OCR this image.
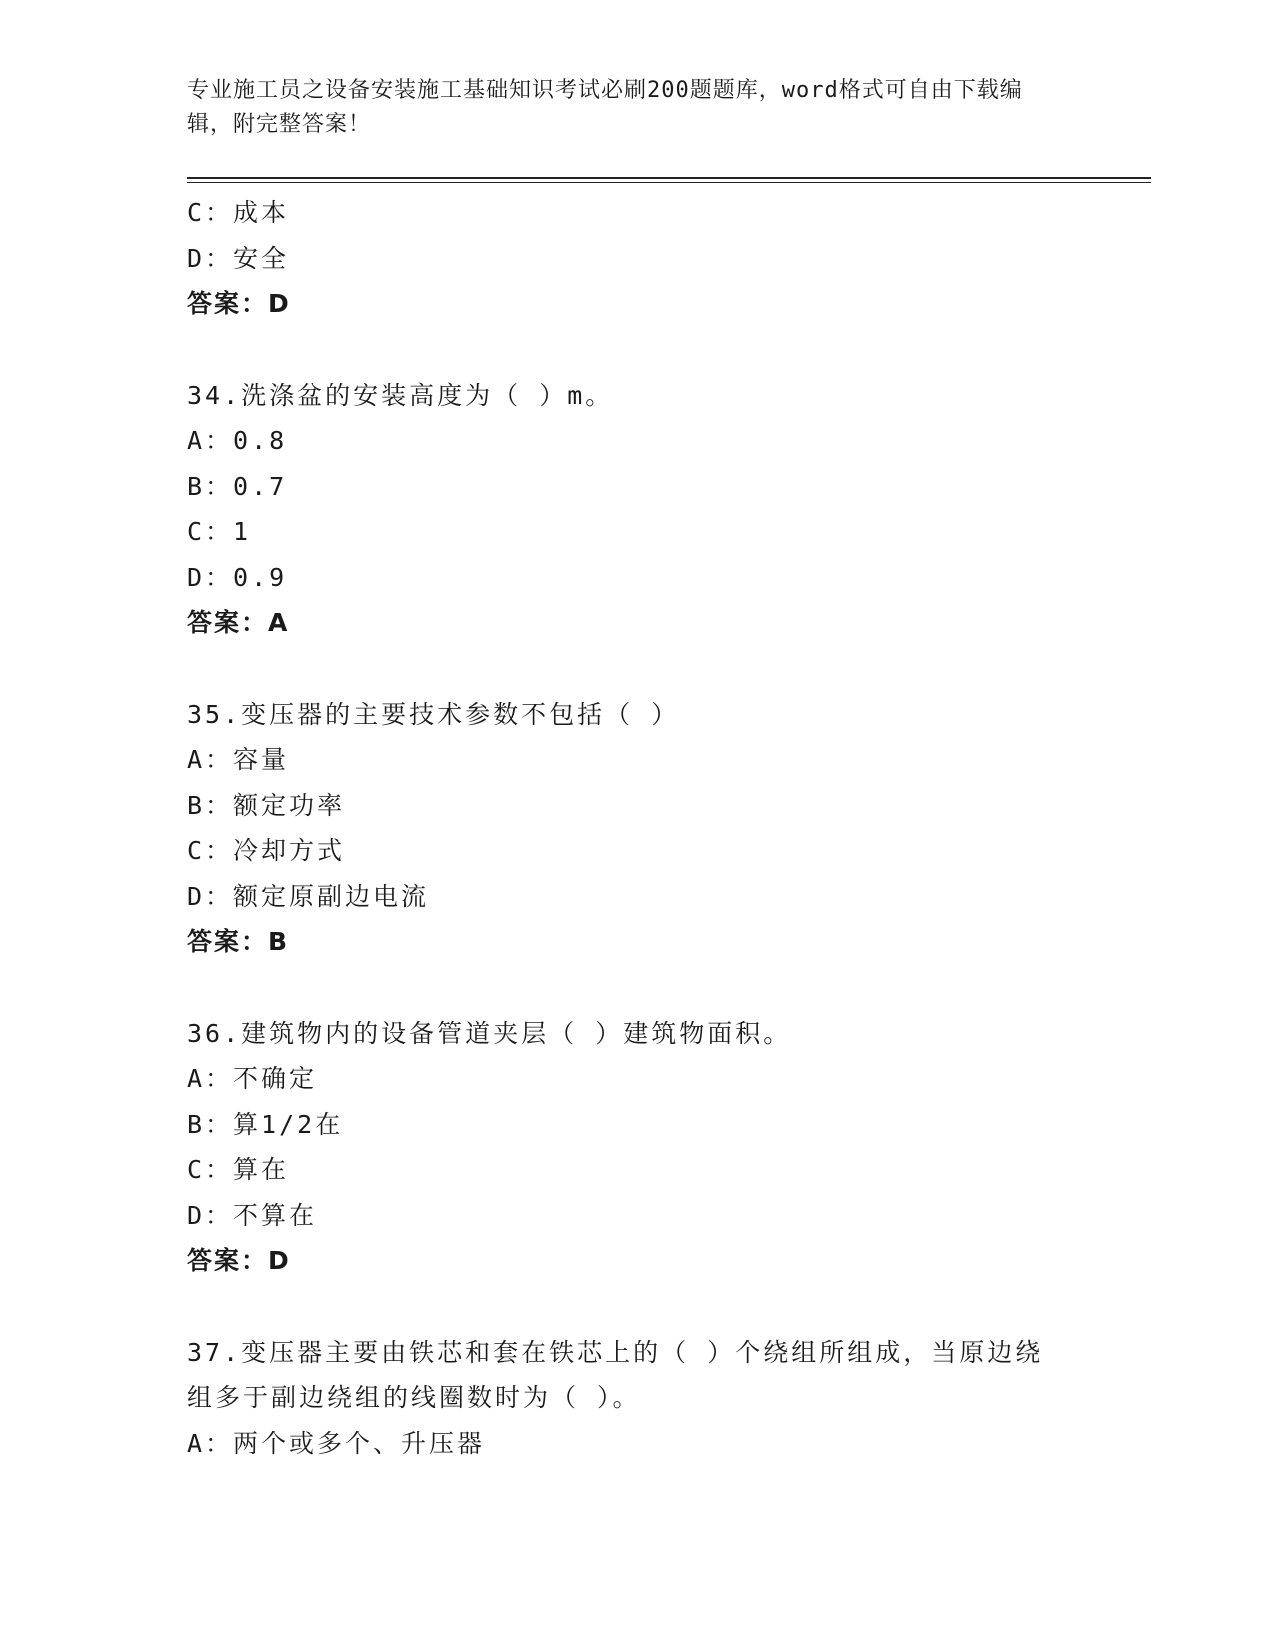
专业施工员之设备安装施工基础知识考试必刷200题题库，word格式可自由下载编辑，附完整答案！
C：成本
D：安全
答案：D
34.洗涤盆的安装高度为（ ）m。
A：0.8
B：0.7
C：1
D：0.9
答案：A
35.变压器的主要技术参数不包括（ ）
A：容量
B：额定功率
C：冷却方式
D：额定原副边电流
答案：B
36.建筑物内的设备管道夹层（ ）建筑物面积。
A：不确定
B：算1/2在
C：算在
D：不算在
答案：D
37.变压器主要由铁芯和套在铁芯上的（ ）个绕组所组成，当原边绕组多于副边绕组的线圈数时为（ ）。
A：两个或多个、升压器
